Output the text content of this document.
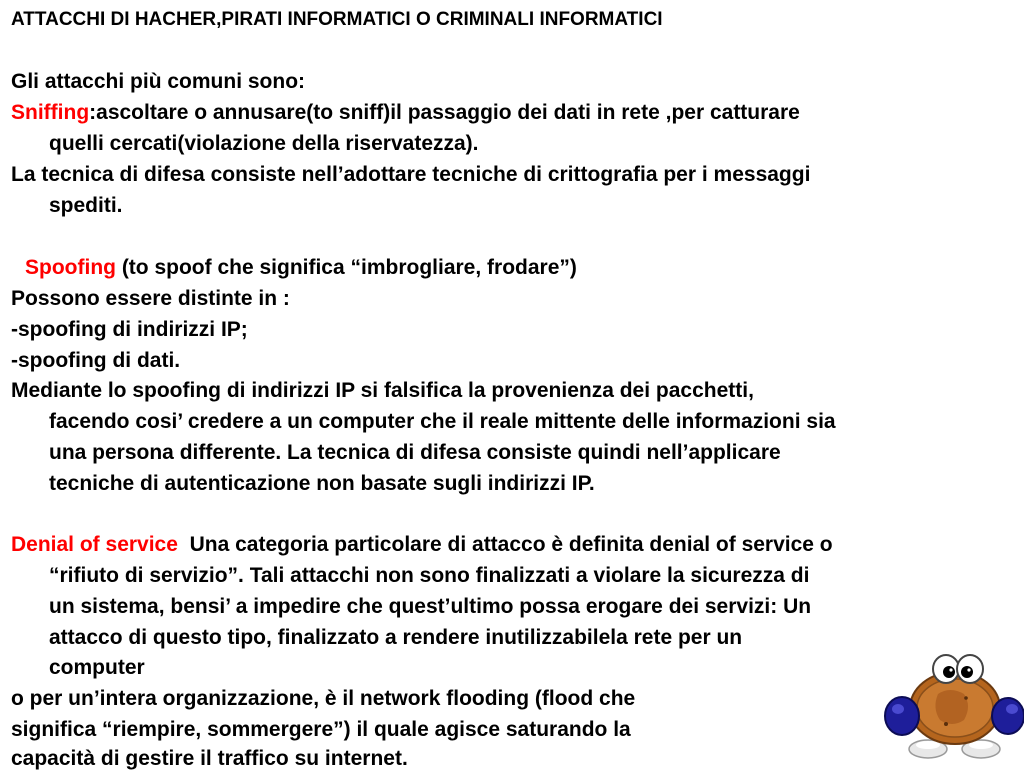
ATTACCHI DI HACHER,PIRATI INFORMATICI O CRIMINALI INFORMATICI
Gli attacchi più comuni sono:
Sniffing:ascoltare o annusare(to sniff)il passaggio dei dati in rete ,per catturare
quelli cercati(violazione della riservatezza).
La tecnica di difesa consiste nell’adottare tecniche di crittografia per i messaggi
spediti.
Spoofing (to spoof che significa “imbrogliare, frodare”)
Possono essere distinte in :
-spoofing di indirizzi IP;
-spoofing di dati.
Mediante lo spoofing di indirizzi IP si falsifica la provenienza dei pacchetti,
facendo cosi’ credere a un computer che il reale mittente delle informazioni sia
una persona differente. La tecnica di difesa consiste quindi nell’applicare
tecniche di autenticazione non basate sugli indirizzi IP.
Denial of service  Una categoria particolare di attacco è definita denial of service o
“rifiuto di servizio”. Tali attacchi non sono finalizzati a violare la sicurezza di
un sistema, bensi’ a impedire che quest’ultimo possa erogare dei servizi: Un
attacco di questo tipo, finalizzato a rendere inutilizzabilela rete per un
computer
o per un’intera organizzazione, è il network flooding (flood che
significa “riempire, sommergere”) il quale agisce saturando la
capacità di gestire il traffico su internet.
